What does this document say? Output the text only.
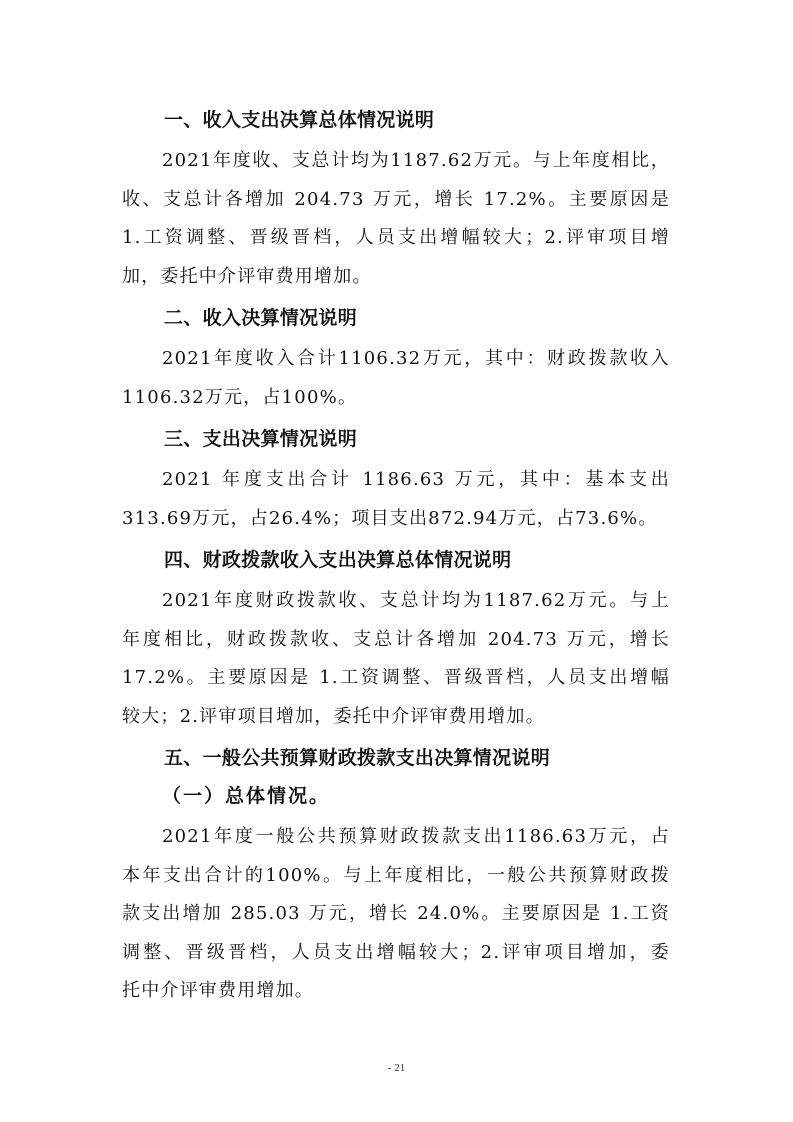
一、收入支出决算总体情况说明
2021年度收、支总计均为1187.62万元。与上年度相比，
收、支总计各增加 204.73 万元，增长 17.2%。主要原因是
1.工资调整、晋级晋档，人员支出增幅较大；2.评审项目增
加，委托中介评审费用增加。
二、收入决算情况说明
2021年度收入合计1106.32万元，其中：财政拨款收入
1106.32万元，占100%。
三、支出决算情况说明
2021 年度支出合计 1186.63 万元，其中：基本支出
313.69万元，占26.4%；项目支出872.94万元，占73.6%。
四、财政拨款收入支出决算总体情况说明
2021年度财政拨款收、支总计均为1187.62万元。与上
年度相比，财政拨款收、支总计各增加 204.73 万元，增长
17.2%。主要原因是 1.工资调整、晋级晋档，人员支出增幅
较大；2.评审项目增加，委托中介评审费用增加。
五、一般公共预算财政拨款支出决算情况说明
（一）总体情况。
2021年度一般公共预算财政拨款支出1186.63万元，占
本年支出合计的100%。与上年度相比，一般公共预算财政拨
款支出增加 285.03 万元，增长 24.0%。主要原因是 1.工资
调整、晋级晋档，人员支出增幅较大；2.评审项目增加，委
托中介评审费用增加。
- 21
